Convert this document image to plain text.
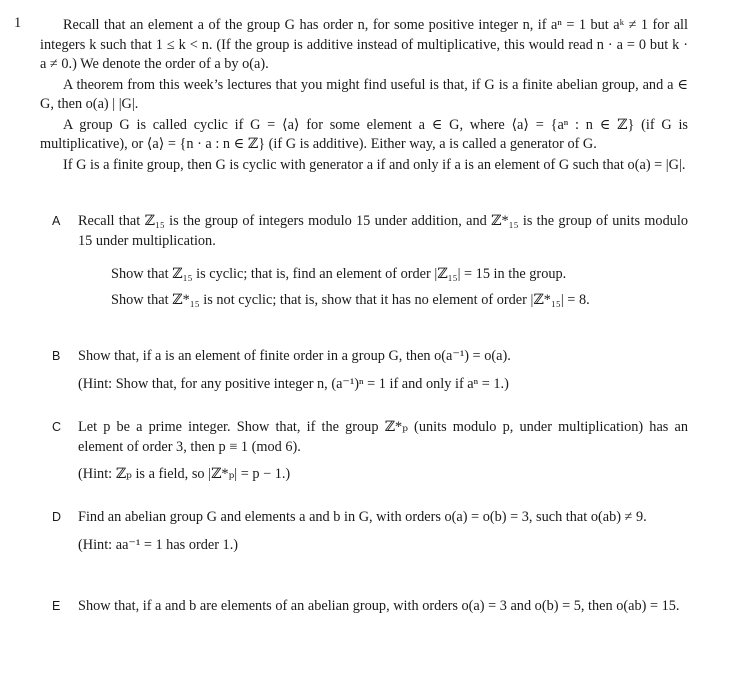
1	Recall that an element a of the group G has order n, for some positive integer n, if aⁿ = 1 but aᵏ ≠ 1 for all integers k such that 1 ≤ k < n. (If the group is additive instead of multiplicative, this would read n · a = 0 but k · a ≠ 0.) We denote the order of a by o(a).

A theorem from this week’s lectures that you might find useful is that, if G is a finite abelian group, and a ∈ G, then o(a) | |G|.

A group G is called cyclic if G = ⟨a⟩ for some element a ∈ G, where ⟨a⟩ = {aⁿ : n ∈ ℤ} (if G is multiplicative), or ⟨a⟩ = {n · a : n ∈ ℤ} (if G is additive). Either way, a is called a generator of G.

If G is a finite group, then G is cyclic with generator a if and only if a is an element of G such that o(a) = |G|.

A Recall that ℤ₁₅ is the group of integers modulo 15 under addition, and ℤ*₁₅ is the group of units modulo 15 under multiplication.

Show that ℤ₁₅ is cyclic; that is, find an element of order |ℤ₁₅| = 15 in the group.

Show that ℤ*₁₅ is not cyclic; that is, show that it has no element of order |ℤ*₁₅| = 8.

B Show that, if a is an element of finite order in a group G, then o(a⁻¹) = o(a).

(Hint: Show that, for any positive integer n, (a⁻¹)ⁿ = 1 if and only if aⁿ = 1.)

C Let p be a prime integer. Show that, if the group ℤ*ₚ (units modulo p, under multiplication) has an element of order 3, then p ≡ 1 (mod 6).

(Hint: ℤₚ is a field, so |ℤ*ₚ| = p − 1.)

D Find an abelian group G and elements a and b in G, with orders o(a) = o(b) = 3, such that o(ab) ≠ 9.

(Hint: aa⁻¹ = 1 has order 1.)

E Show that, if a and b are elements of an abelian group, with orders o(a) = 3 and o(b) = 5, then o(ab) = 15.
